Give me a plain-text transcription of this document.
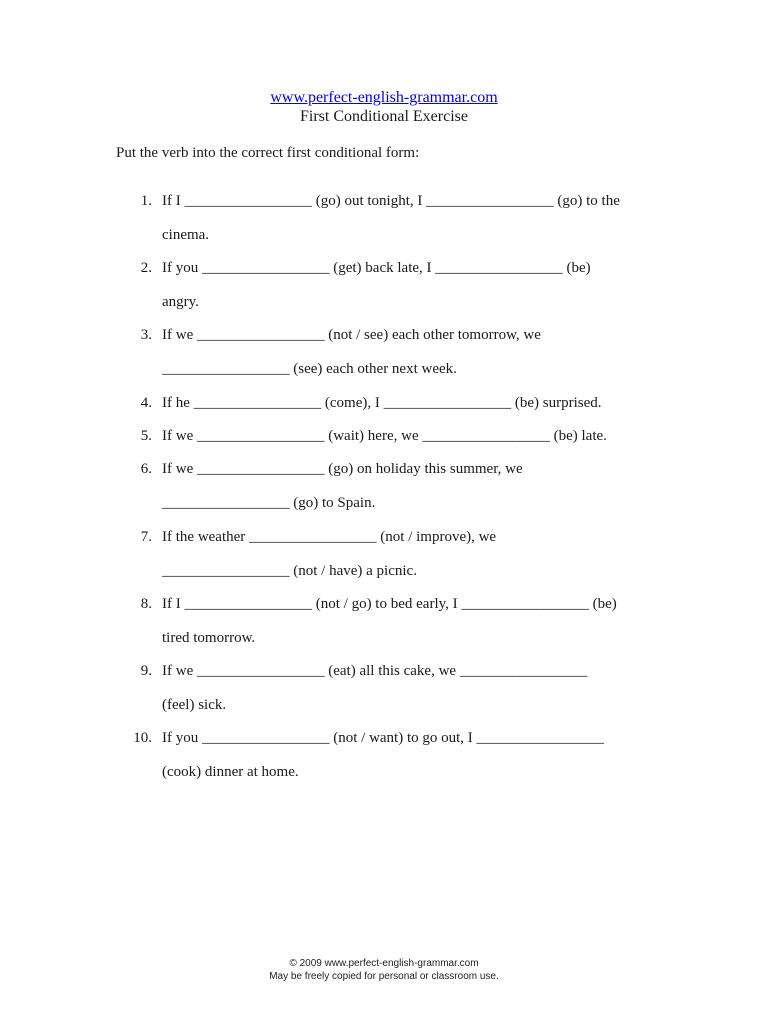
www.perfect-english-grammar.com
First Conditional Exercise
Put the verb into the correct first conditional form:
1. If I _________________ (go) out tonight, I _________________ (go) to the
cinema.
2. If you _________________ (get) back late, I _________________ (be)
angry.
3. If we _________________ (not / see) each other tomorrow, we
_________________ (see) each other next week.
4. If he _________________ (come), I _________________ (be) surprised.
5. If we _________________ (wait) here, we _________________ (be) late.
6. If we _________________ (go) on holiday this summer, we
_________________ (go) to Spain.
7. If the weather _________________ (not / improve), we
_________________ (not / have) a picnic.
8. If I _________________ (not / go) to bed early, I _________________ (be)
tired tomorrow.
9. If we _________________ (eat) all this cake, we _________________
(feel) sick.
10. If you _________________ (not / want) to go out, I _________________
(cook) dinner at home.
© 2009 www.perfect-english-grammar.com
May be freely copied for personal or classroom use.
